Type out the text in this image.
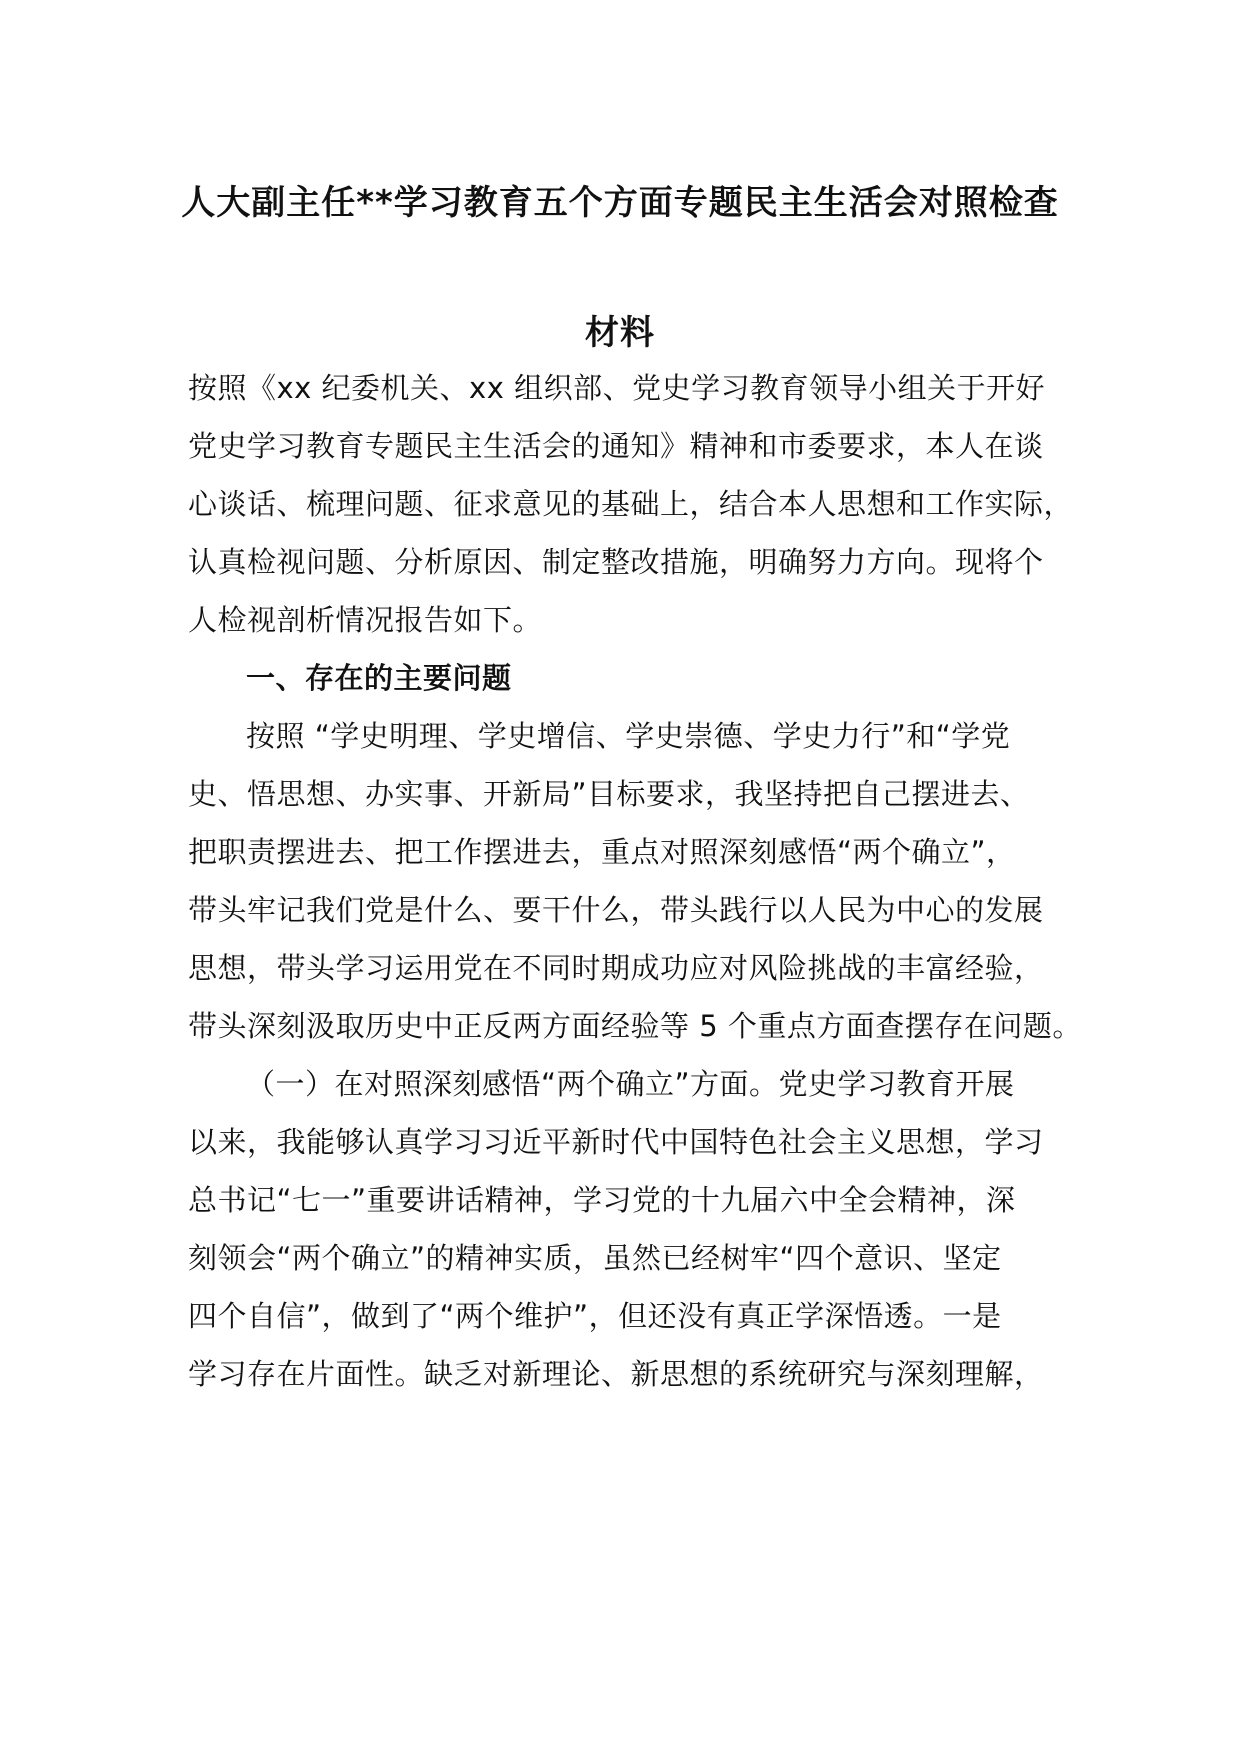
人大副主任**学习教育五个方面专题民主生活会对照检查
材料
按照《xx 纪委机关、xx 组织部、党史学习教育领导小组关于开好
党史学习教育专题民主生活会的通知》精神和市委要求，本人在谈
心谈话、梳理问题、征求意见的基础上，结合本人思想和工作实际，
认真检视问题、分析原因、制定整改措施，明确努力方向。现将个
人检视剖析情况报告如下。
一、存在的主要问题
按照 “学史明理、学史增信、学史崇德、学史力行”和“学党
史、悟思想、办实事、开新局”目标要求，我坚持把自己摆进去、
把职责摆进去、把工作摆进去，重点对照深刻感悟“两个确立”，
带头牢记我们党是什么、要干什么，带头践行以人民为中心的发展
思想，带头学习运用党在不同时期成功应对风险挑战的丰富经验，
带头深刻汲取历史中正反两方面经验等 5 个重点方面查摆存在问题。
（一）在对照深刻感悟“两个确立”方面。党史学习教育开展
以来，我能够认真学习习近平新时代中国特色社会主义思想，学习
总书记“七一”重要讲话精神，学习党的十九届六中全会精神，深
刻领会“两个确立”的精神实质，虽然已经树牢“四个意识、坚定
四个自信”，做到了“两个维护”，但还没有真正学深悟透。一是
学习存在片面性。缺乏对新理论、新思想的系统研究与深刻理解，
